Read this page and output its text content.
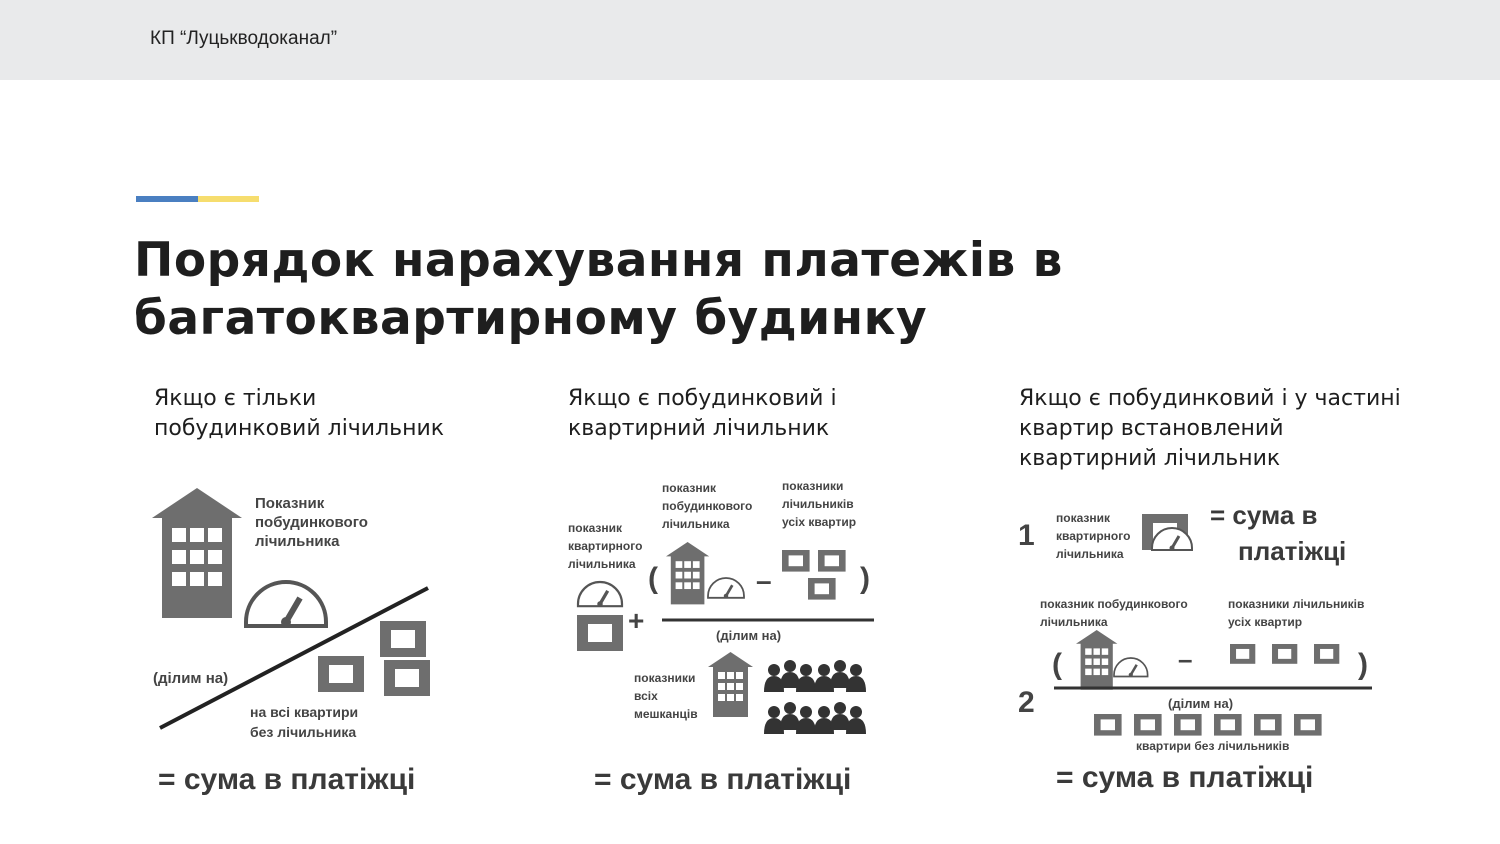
КП “Луцькводоканал”
Порядок нарахування платежів в
багатоквартирному будинку
Якщо є тільки
побудинковий лічильник
Якщо є побудинковий і
квартирний лічильник
Якщо є побудинковий і у частині
квартир встановлений
квартирний лічильник
Показник
побудинкового
лічильника
(ділим на)
на всі квартири
без лічильника
= сума в платіжці
показник
квартирного
лічильника
+
показник
побудинкового
лічильника
показники
лічильників
усіх квартир
(	–	)
(ділим на)
показники
всіх
мешканців
= сума в платіжці
1
показник
квартирного
лічильника
= сума в
платіжці
показник побудинкового
лічильника
показники лічильників
усіх квартир
(	–	)
2	(ділим на)
квартири без лічильників
= сума в платіжці
